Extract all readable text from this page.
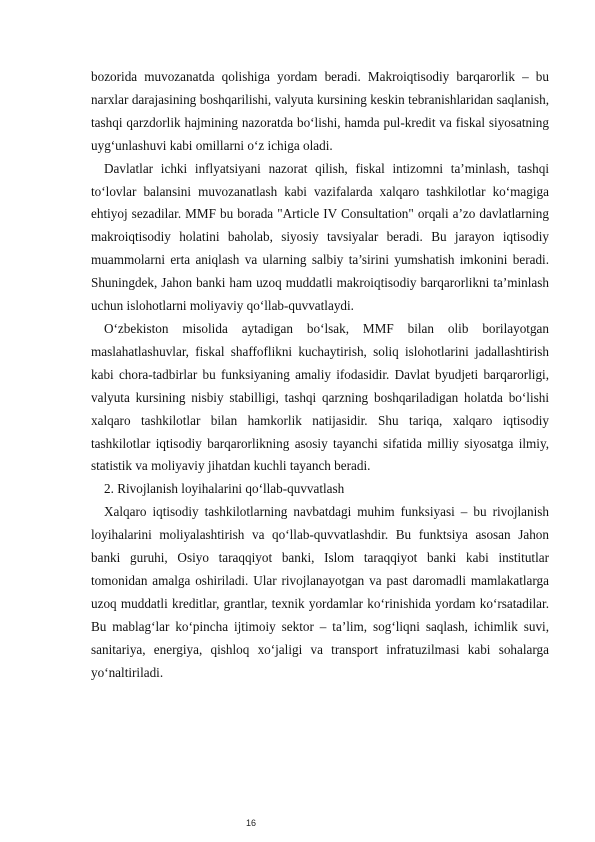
bozorida muvozanatda qolishiga yordam beradi. Makroiqtisodiy barqarorlik – bu narxlar darajasining boshqarilishi, valyuta kursining keskin tebranishlaridan saqlanish, tashqi qarzdorlik hajmining nazoratda bo‘lishi, hamda pul-kredit va fiskal siyosatning uyg‘unlashuvi kabi omillarni o‘z ichiga oladi.

Davlatlar ichki inflyatsiyani nazorat qilish, fiskal intizomni ta’minlash, tashqi to‘lovlar balansini muvozanatlash kabi vazifalarda xalqaro tashkilotlar ko‘magiga ehtiyoj sezadilar. MMF bu borada "Article IV Consultation" orqali a’zo davlatlarning makroiqtisodiy holatini baholab, siyosiy tavsiyalar beradi. Bu jarayon iqtisodiy muammolarni erta aniqlash va ularning salbiy ta’sirini yumshatish imkonini beradi. Shuningdek, Jahon banki ham uzoq muddatli makroiqtisodiy barqarorlikni ta’minlash uchun islohotlarni moliyaviy qo‘llab-quvvatlaydi.

O‘zbekiston misolida aytadigan bo‘lsak, MMF bilan olib borilayotgan maslahatlashuvlar, fiskal shaffoflikni kuchaytirish, soliq islohotlarini jadallashtirish kabi chora-tadbirlar bu funksiyaning amaliy ifodasidir. Davlat byudjeti barqarorligi, valyuta kursining nisbiy stabilligi, tashqi qarzning boshqariladigan holatda bo‘lishi xalqaro tashkilotlar bilan hamkorlik natijasidir. Shu tariqa, xalqaro iqtisodiy tashkilotlar iqtisodiy barqarorlikning asosiy tayanchi sifatida milliy siyosatga ilmiy, statistik va moliyaviy jihatdan kuchli tayanch beradi.

2. Rivojlanish loyihalarini qo‘llab-quvvatlash

Xalqaro iqtisodiy tashkilotlarning navbatdagi muhim funksiyasi – bu rivojlanish loyihalarini moliyalashtirish va qo‘llab-quvvatlashdir. Bu funktsiya asosan Jahon banki guruhi, Osiyo taraqqiyot banki, Islom taraqqiyot banki kabi institutlar tomonidan amalga oshiriladi. Ular rivojlanayotgan va past daromadli mamlakatlarga uzoq muddatli kreditlar, grantlar, texnik yordamlar ko‘rinishida yordam ko‘rsatadilar. Bu mablag‘lar ko‘pincha ijtimoiy sektor – ta’lim, sog‘liqni saqlash, ichimlik suvi, sanitariya, energiya, qishloq xo‘jaligi va transport infratuzilmasi kabi sohalarga yo‘naltiriladi.

16
